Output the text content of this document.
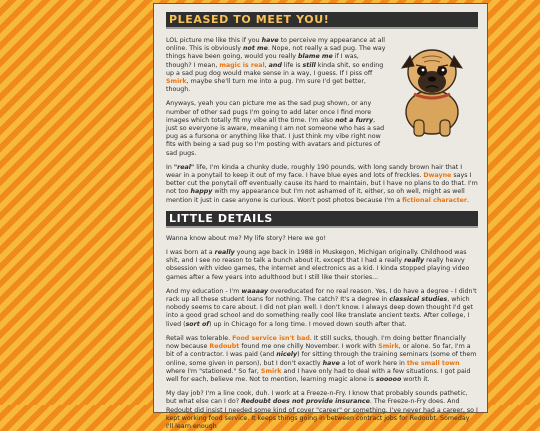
PLEASED TO MEET YOU!

LOL picture me like this if you have to perceive my appearance at all online. This is obviously not me. Nope, not really a sad pug. The way things have been going, would you really blame me if I was, though? I mean, magic is real, and life is still kinda shit, so ending up a sad pug dog would make sense in a way, I guess. If I piss off Smirk, maybe she'll turn me into a pug. I'm sure I'd get better, though.

Anyways, yeah you can picture me as the sad pug shown, or any number of other sad pugs I'm going to add later once I find more images which totally fit my vibe all the time. I'm also not a furry, just so everyone is aware, meaning I am not someone who has a sad pug as a fursona or anything like that. I just think my vibe right now fits with being a sad pug so I'm posting with avatars and pictures of sad pugs.

In "real" life, I'm kinda a chunky dude, roughly 190 pounds, with long sandy brown hair that I wear in a ponytail to keep it out of my face. I have blue eyes and lots of freckles. Dwayne says I better cut the ponytail off eventually cause its hard to maintain, but I have no plans to do that. I'm not too happy with my appearance but I'm not ashamed of it, either, so oh well, might as well mention it just in case anyone is curious. Won't post photos because I'm a fictional character.

LITTLE DETAILS

Wanna know about me? My life story? Here we go!

I was born at a really young age back in 1988 in Muskegon, Michigan originally. Childhood was shit, and I see no reason to talk a bunch about it, except that I had a really really really heavy obsession with video games, the internet and electronics as a kid. I kinda stopped playing video games after a few years into adulthood but I still like their stories...

And my education - I'm waaaay overeducated for no real reason. Yes, I do have a degree - I didn't rack up all these student loans for nothing. The catch? It's a degree in classical studies, which nobody seems to care about. I did not plan well. I don't know. I always deep down thought I'd get into a good grad school and do something really cool like translate ancient texts. After college, I lived (sort of) up in Chicago for a long time. I moved down south after that.

Retail was tolerable. Food service isn't bad. It still sucks, though. I'm doing better financially now because Redoubt found me one chilly November. I work with Smirk, or alone. So far, I'm a bit of a contractor. I was paid (and nicely) for sitting through the training seminars (some of them online, some given in person), but I don't exactly have a lot of work here in the small town where I'm "stationed." So far, Smirk and I have only had to deal with a few situations. I got paid well for each, believe me. Not to mention, learning magic alone is sooooo worth it.

My day job? I'm a line cook, duh. I work at a Freeze-n-Fry. I know that probably sounds pathetic, but what else can I do? Redoubt does not provide insurance. The Freeze-n-Fry does. And Redoubt did insist I needed some kind of cover "career" or something. I've never had a career, so I kept working food service. It keeps things going in between contract jobs for Redoubt. Someday I'll learn enough
